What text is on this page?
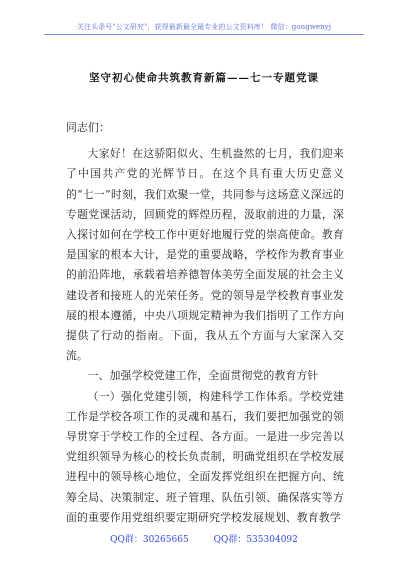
关注头条号"公文研究"，获得最新最全最专业的公文资料库！ 微信：gongwenyj
坚守初心使命共筑教育新篇——七一专题党课

同志们：

大家好！在这骄阳似火、生机盎然的七月，我们迎来了中国共产党的光辉节日。在这个具有重大历史意义的“七一”时刻，我们欢聚一堂，共同参与这场意义深远的专题党课活动，回顾党的辉煌历程，汲取前进的力量，深入探讨如何在学校工作中更好地履行党的崇高使命。教育是国家的根本大计，是党的重要战略，学校作为教育事业的前沿阵地，承载着培养德智体美劳全面发展的社会主义建设者和接班人的光荣任务。党的领导是学校教育事业发展的根本遵循，中央八项规定精神为我们指明了工作方向提供了行动的指南。下面，我从五个方面与大家深入交流。

一、加强学校党建工作，全面贯彻党的教育方针

（一）强化党建引领，构建科学工作体系。学校党建工作是学校各项工作的灵魂和基石，我们要把加强党的领导贯穿于学校工作的全过程、各方面。一是进一步完善以党组织领导为核心的校长负责制，明确党组织在学校发展进程中的领导核心地位，全面发挥党组织在把握方向、统筹全局、决策制定、班子管理、队伍引领、确保落实等方面的重要作用党组织要定期研究学校发展规划、教育教学

QQ群：30265665	QQ群：535304092
